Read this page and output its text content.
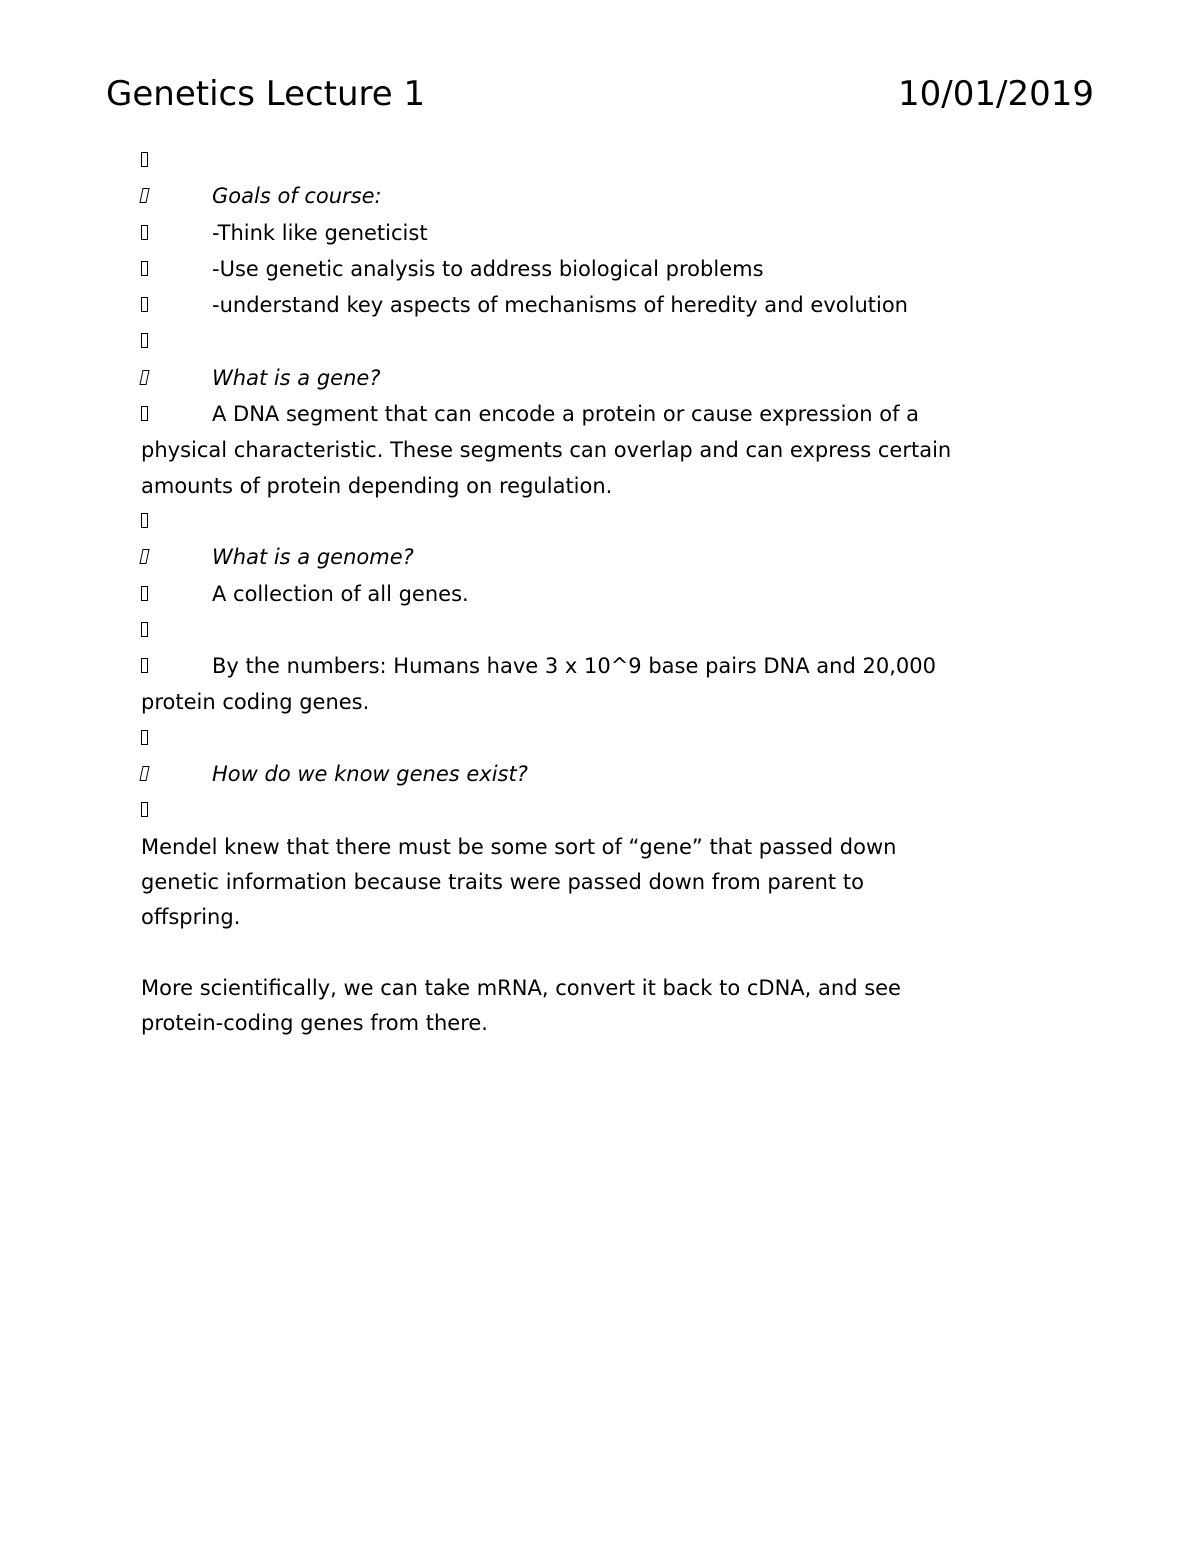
Genetics Lecture 1	10/01/2019
Goals of course:
-Think like geneticist
-Use genetic analysis to address biological problems
-understand key aspects of mechanisms of heredity and evolution
What is a gene?
A DNA segment that can encode a protein or cause expression of a
physical characteristic. These segments can overlap and can express certain
amounts of protein depending on regulation.
What is a genome?
A collection of all genes.
By the numbers: Humans have 3 x 10^9 base pairs DNA and 20,000
protein coding genes.
How do we know genes exist?
Mendel knew that there must be some sort of “gene” that passed down
genetic information because traits were passed down from parent to
offspring.
More scientifically, we can take mRNA, convert it back to cDNA, and see
protein-coding genes from there.
